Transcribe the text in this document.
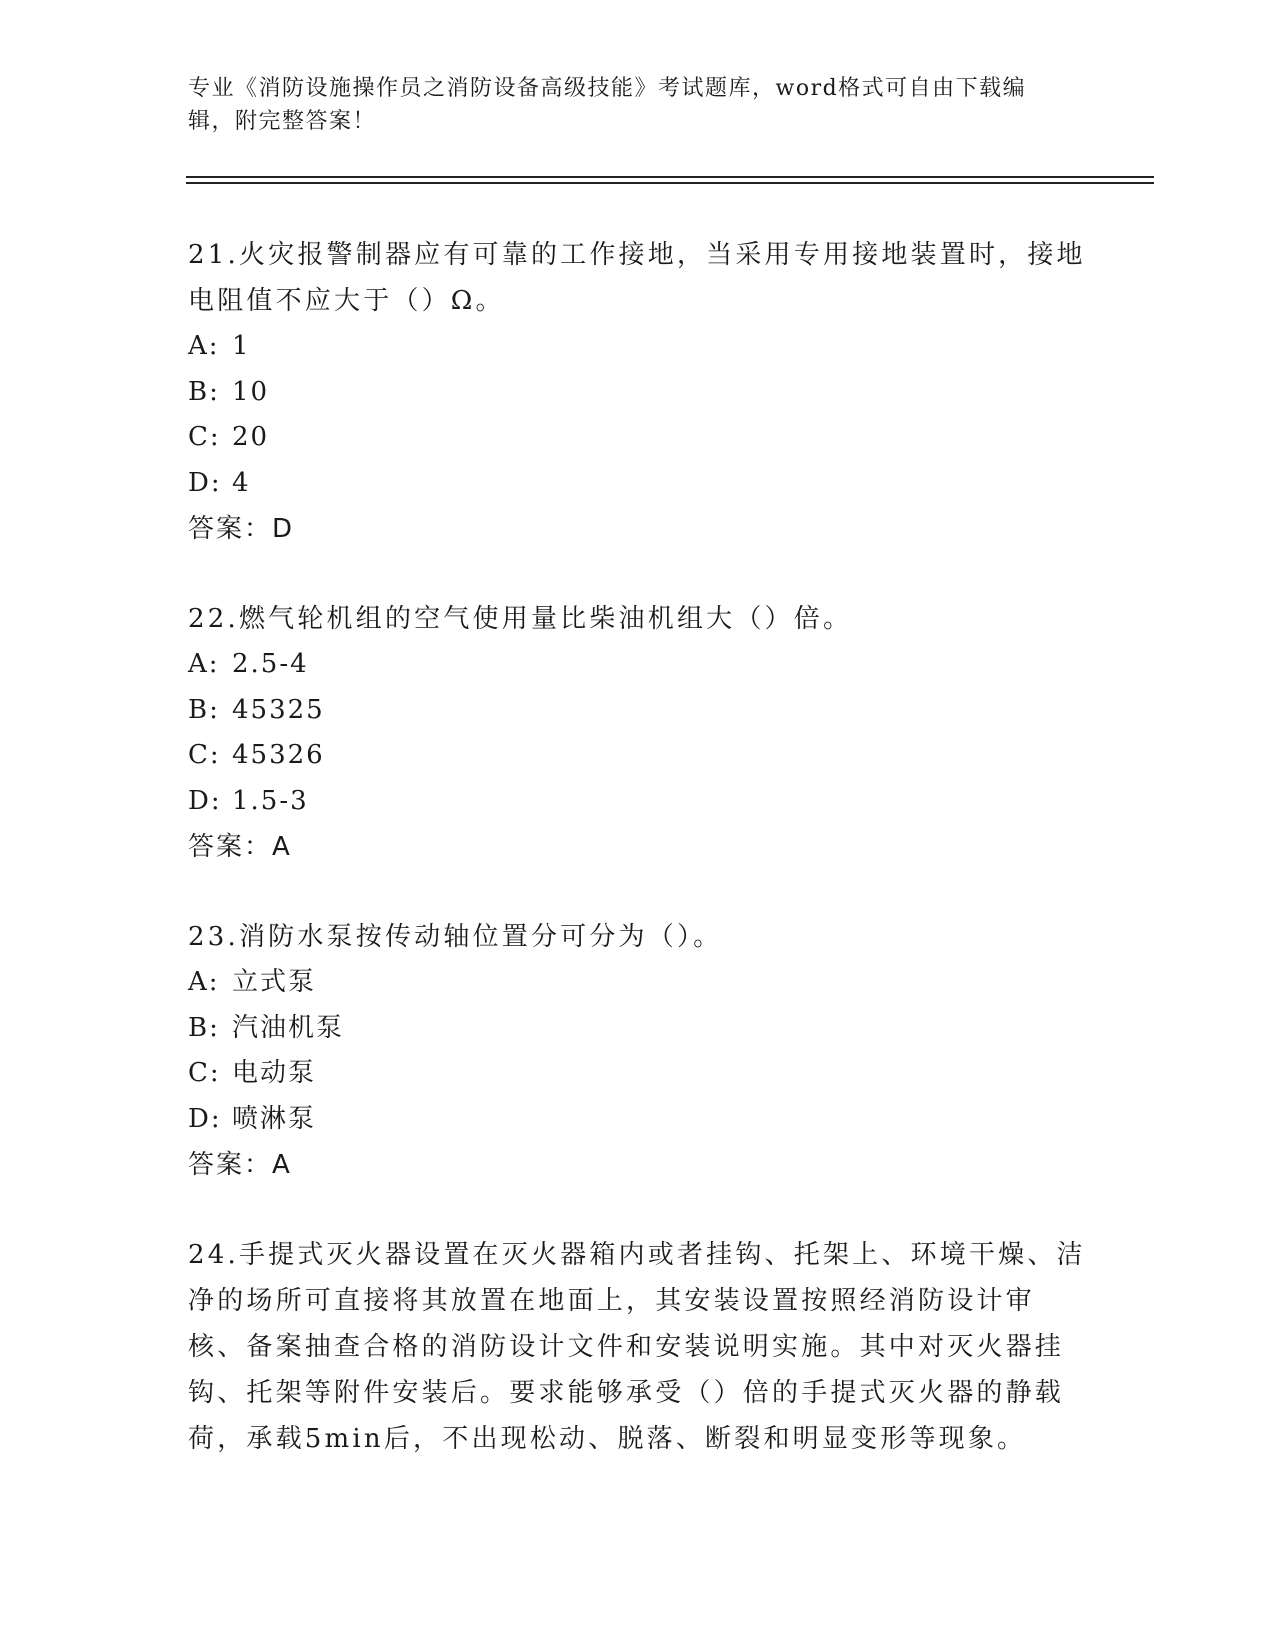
专业《消防设施操作员之消防设备高级技能》考试题库，word格式可自由下载编辑，附完整答案！
21.火灾报警制器应有可靠的工作接地，当采用专用接地装置时，接地电阻值不应大于（）Ω。
A: 1
B: 10
C: 20
D: 4
答案：D
22.燃气轮机组的空气使用量比柴油机组大（）倍。
A: 2.5-4
B: 45325
C: 45326
D: 1.5-3
答案：A
23.消防水泵按传动轴位置分可分为（）。
A: 立式泵
B: 汽油机泵
C: 电动泵
D: 喷淋泵
答案：A
24.手提式灭火器设置在灭火器箱内或者挂钩、托架上、环境干燥、洁净的场所可直接将其放置在地面上，其安装设置按照经消防设计审核、备案抽查合格的消防设计文件和安装说明实施。其中对灭火器挂钩、托架等附件安装后。要求能够承受（）倍的手提式灭火器的静载荷，承载5min后，不出现松动、脱落、断裂和明显变形等现象。
